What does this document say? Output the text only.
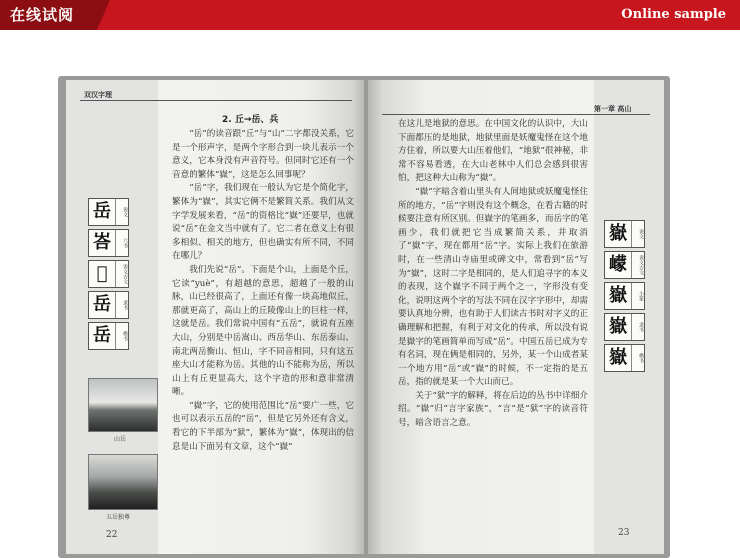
在线试阅	Online sample
双汉字理
2. 丘→岳、兵
岳	说文
峇	六书
𡶳	说文古文
岳	隶书
岳	楷书
山岳
五岳独尊

“岳”的读音跟“丘”与“山”二字都没关系，它是一个形声字，是两个字形合到一块儿表示一个意义，它本身没有声音符号。但同时它还有一个音意的繁体“嶽”，这是怎么回事呢？

“岳”字，我们现在一般认为它是个简化字，繁体为“嶽”，其实它俩不是繁简关系。我们从文字学发展来看，“岳”的资格比“嶽”还要早，也就说“岳”在金文当中就有了。它二者在意义上有很多相似、相关的地方，但也确实有所不同，不同在哪儿？

我们先说“岳”。下面是个山，上面是个丘，它读“yuè”，有超越的意思，超越了一般的山脉，山已经很高了，上面还有像一块高地似丘，那就更高了，高山上的丘陵像山上的巨柱一样，这就是岳。我们常说中国有“五岳”，就说有五座大山，分别是中岳嵩山、西岳华山、东岳泰山、南北两岳衡山、恒山，字不同音相同，只有这五座大山才能称为岳。其他的山不能称为岳，所以山上有丘更显高大，这个字造的形和意非常清晰。

“嶽”字，它的使用范围比“岳”要广一些，它也可以表示五岳的“岳”，但是它另外还有含义，看它的下半部为“狱”，繁体为“嶽”，体现出的信息是山下面另有文章，这个“嶽”

22
第一章 高山

在这儿是地狱的意思。在中国文化的认识中，大山下面都压的是地狱，地狱里面是妖魔鬼怪在这个地方住着，所以要大山压着他们，“地狱”很神秘，非常不容易看透，在大山老林中人们总会感到很害怕，把这种大山称为“嶽”。

“嶽”字暗含着山里头有人间地狱或妖魔鬼怪住所的地方，“岳”字则没有这个概念，在看古籍的时候要注意有所区别。但嶽字的笔画多，而岳字的笔画少，我们就把它当成繁简关系，并取消了“嶽”字，现在都用“岳”字。实际上我们在旅游时，在一些清山寺庙里或碑文中，常看到“岳”写为“嶽”，这时二字是相同的，是人们追寻字的本义的表现，这个嶽字不同于两个之一，字形没有变化，说明这两个字的写法不同在汉字字形中，却需要认真地分辨，也有助于人们读古书时对字义的正确理解和把握，有利于对文化的传承，所以没有说是嶽字的笔画简单而写成“岳”。中国五岳已成为专有名词，现在俩是相同的，另外，某一个山成者某一个地方用“岳”或“嶽”的时候，不一定指的是五岳，指的就是某一个大山而已。

关于“狱”字的解释，将在后边的丛书中详细介绍。“嶽”归“言字家族”，“言”是“狱”字的读音符号，暗含语言之意。

嶽	说文
㠓	说文古文
嶽	小篆
嶽	隶书
嶽	楷书
23
